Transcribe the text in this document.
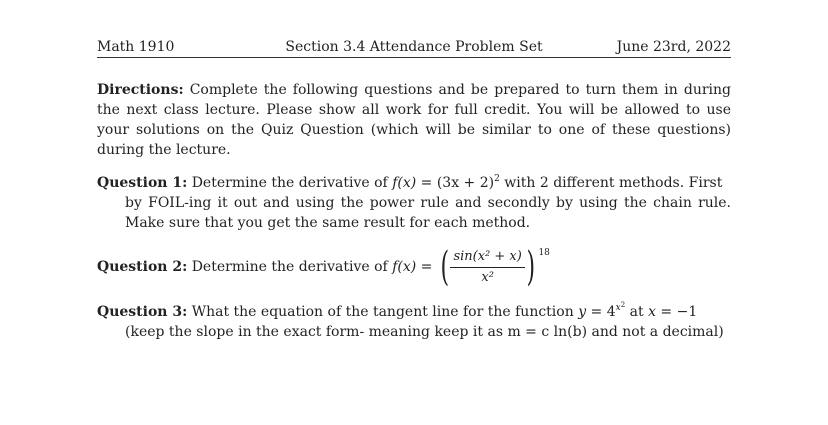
Math 1910	Section 3.4 Attendance Problem Set	June 23rd, 2022
Directions: Complete the following questions and be prepared to turn them in during the next class lecture. Please show all work for full credit. You will be allowed to use your solutions on the Quiz Question (which will be similar to one of these questions) during the lecture.
Question 1: Determine the derivative of $f(x) = (3x + 2)^2$ with 2 different methods. First
by FOIL-ing it out and using the power rule and secondly by using the chain rule. Make sure that you get the same result for each method.
Question 2: Determine the derivative of f(x) = ( $\frac{\text{sin(x² + x)}}{\text{x²}}$ ) 18
Question 3: What the equation of the tangent line for the function $y = 4^{x^2}$ at x = −1
(keep the slope in the exact form- meaning keep it as m = c ln(b) and not a decimal)
